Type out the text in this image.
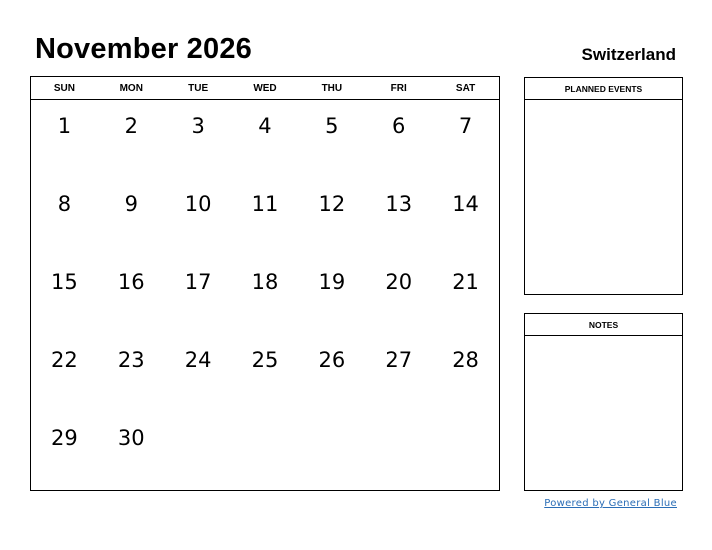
November 2026	Switzerland
SUN	MON	TUE	WED	THU	FRI	SAT
1	2	3	4	5	6	7
8	9	10	11	12	13	14
15	16	17	18	19	20	21
22	23	24	25	26	27	28
29	30
PLANNED EVENTS
NOTES
Powered by General Blue
